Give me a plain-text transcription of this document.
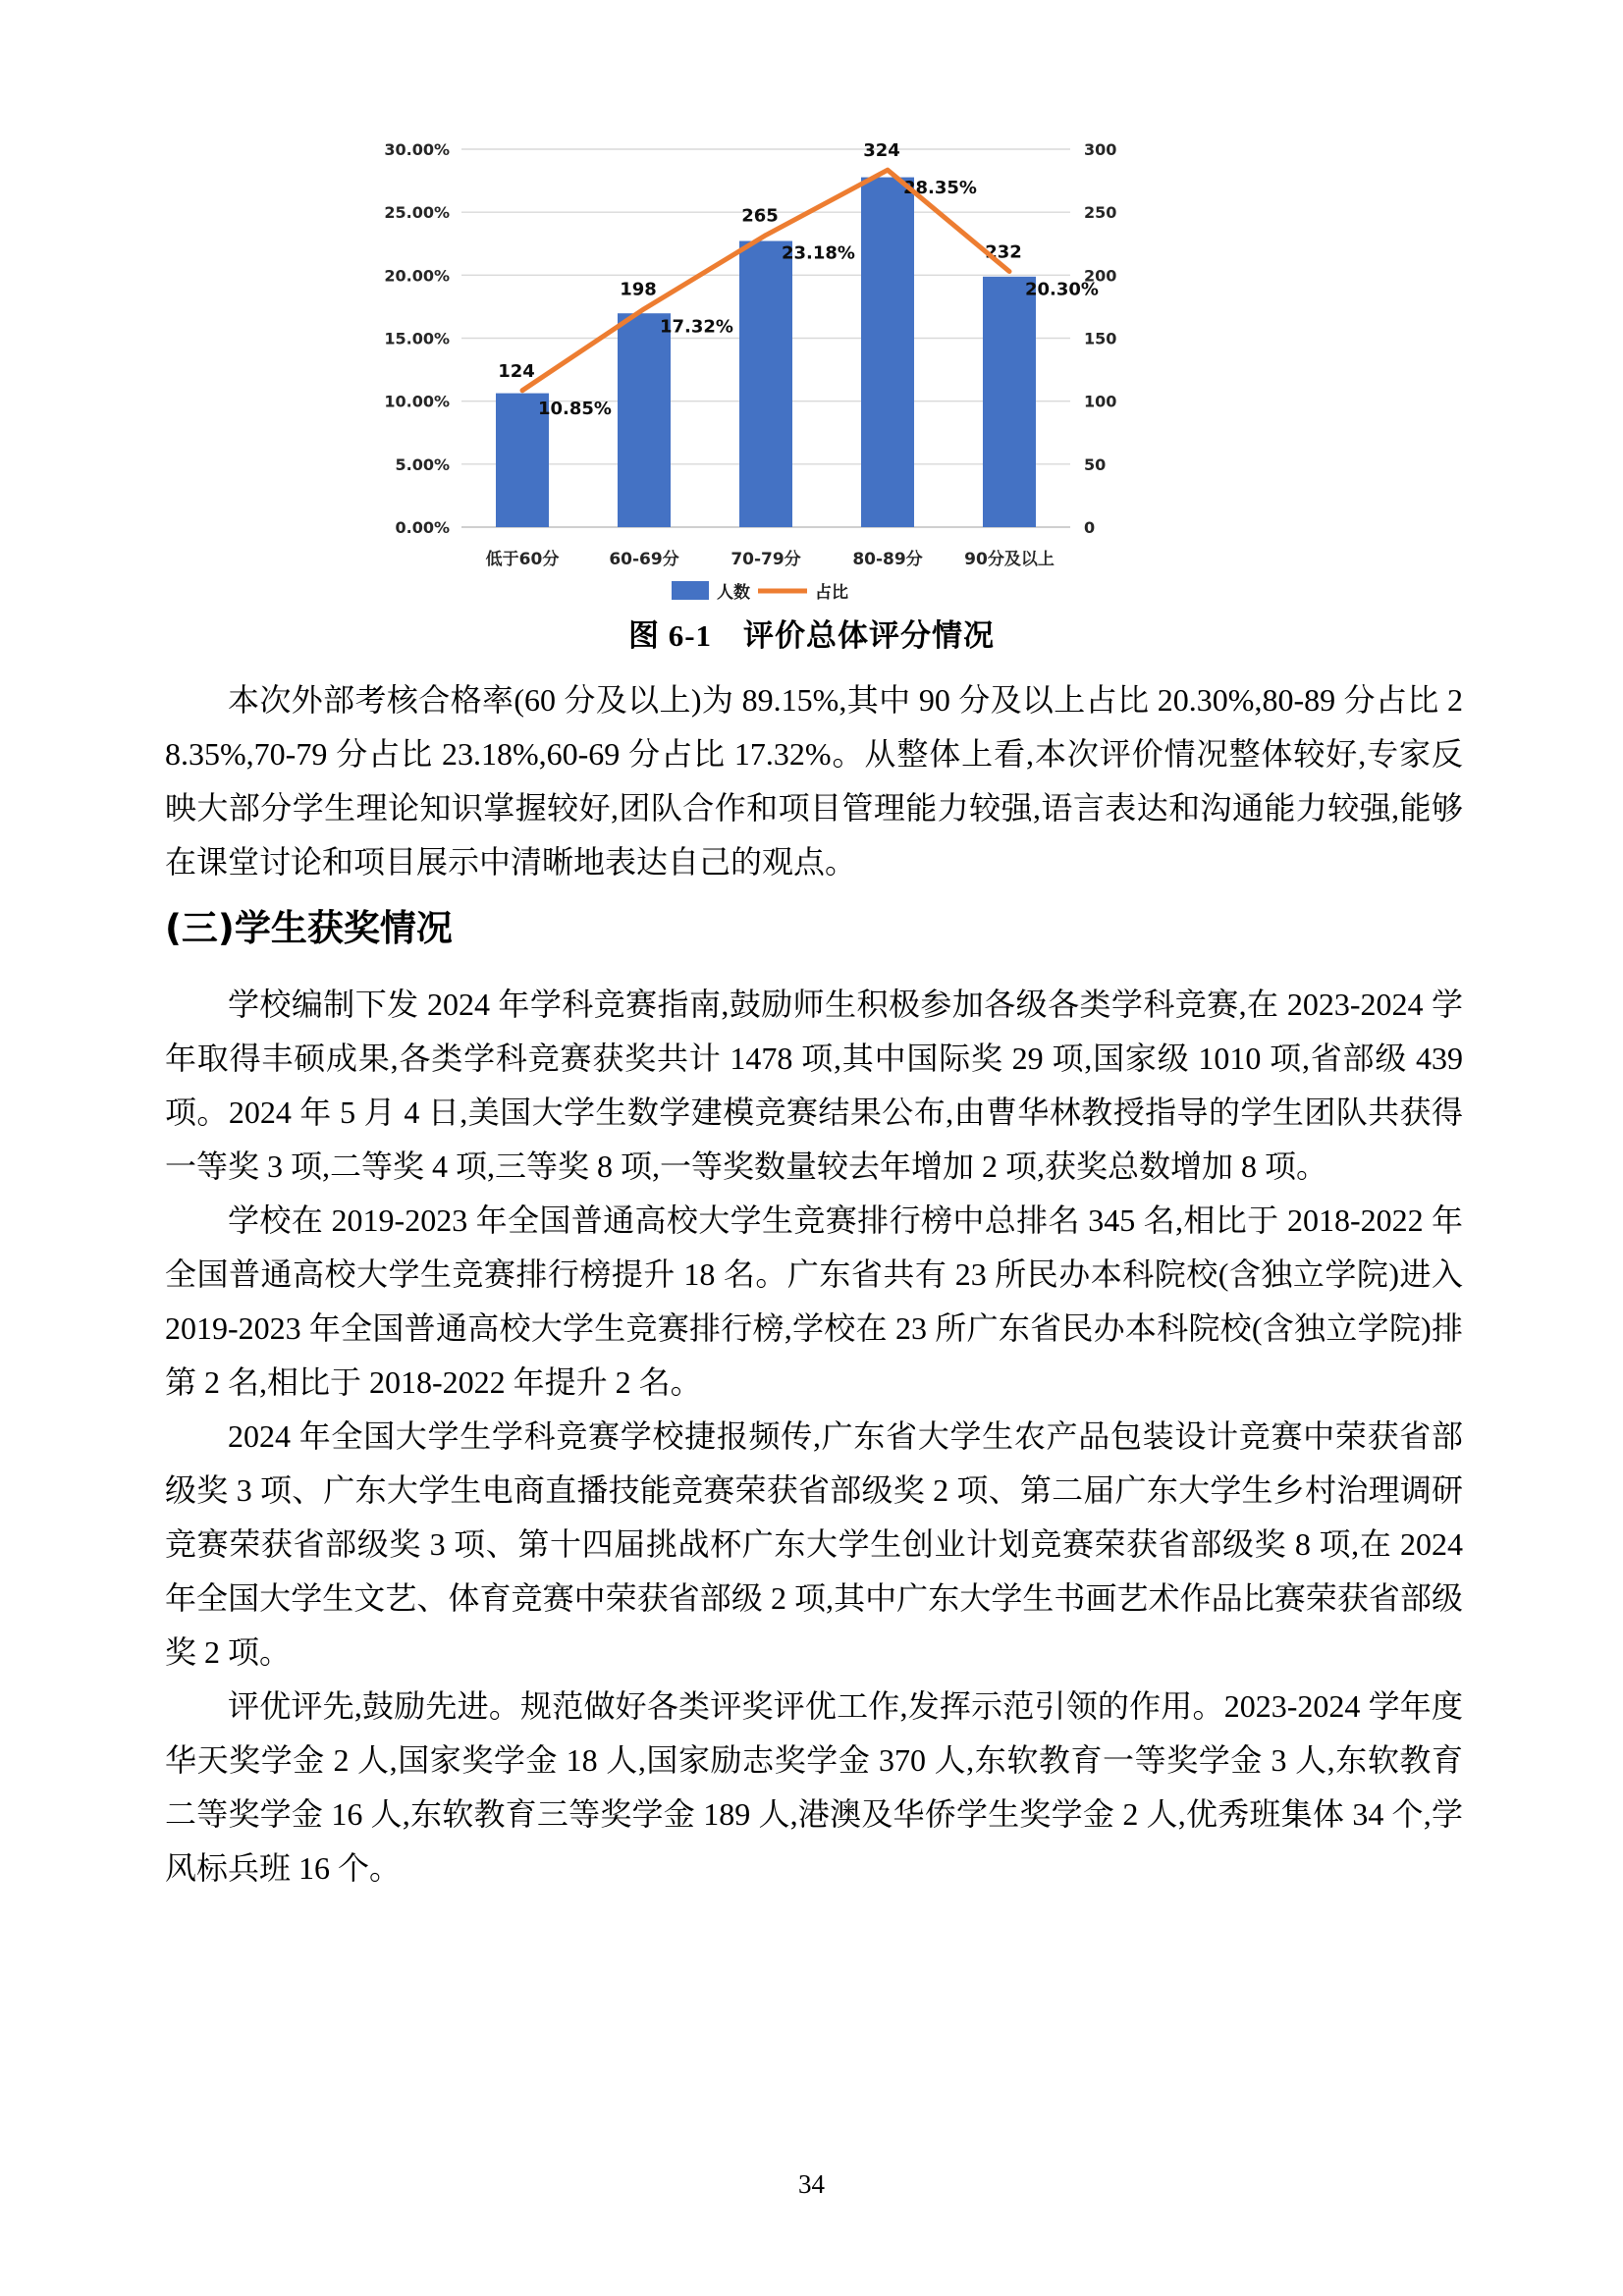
0.00%	0
5.00%	50
10.00%	100
15.00%	150
20.00%	200
25.00%	250
30.00%	300
124
10.85%
低于60分
198
17.32%
60-69分
265
23.18%
70-79分
324
28.35%
80-89分
232
20.30%
90分及以上
人数	占比
图 6-1　评价总体评分情况

本次外部考核合格率(60 分及以上)为 89.15%,其中 90 分及以上占比 20.30%,80-89 分占比 28.35%,70-79 分占比 23.18%,60-69 分占比 17.32%。从整体上看,本次评价情况整体较好,专家反映大部分学生理论知识掌握较好,团队合作和项目管理能力较强,语言表达和沟通能力较强,能够在课堂讨论和项目展示中清晰地表达自己的观点。

(三)学生获奖情况

学校编制下发 2024 年学科竞赛指南,鼓励师生积极参加各级各类学科竞赛,在 2023-2024 学年取得丰硕成果,各类学科竞赛获奖共计 1478 项,其中国际奖 29 项,国家级 1010 项,省部级 439 项。2024 年 5 月 4 日,美国大学生数学建模竞赛结果公布,由曹华林教授指导的学生团队共获得一等奖 3 项,二等奖 4 项,三等奖 8 项,一等奖数量较去年增加 2 项,获奖总数增加 8 项。

学校在 2019-2023 年全国普通高校大学生竞赛排行榜中总排名 345 名,相比于 2018-2022 年全国普通高校大学生竞赛排行榜提升 18 名。广东省共有 23 所民办本科院校(含独立学院)进入 2019-2023 年全国普通高校大学生竞赛排行榜,学校在 23 所广东省民办本科院校(含独立学院)排第 2 名,相比于 2018-2022 年提升 2 名。

2024 年全国大学生学科竞赛学校捷报频传,广东省大学生农产品包装设计竞赛中荣获省部级奖 3 项、广东大学生电商直播技能竞赛荣获省部级奖 2 项、第二届广东大学生乡村治理调研竞赛荣获省部级奖 3 项、第十四届挑战杯广东大学生创业计划竞赛荣获省部级奖 8 项,在 2024 年全国大学生文艺、体育竞赛中荣获省部级 2 项,其中广东大学生书画艺术作品比赛荣获省部级奖 2 项。

评优评先,鼓励先进。规范做好各类评奖评优工作,发挥示范引领的作用。2023-2024 学年度华天奖学金 2 人,国家奖学金 18 人,国家励志奖学金 370 人,东软教育一等奖学金 3 人,东软教育二等奖学金 16 人,东软教育三等奖学金 189 人,港澳及华侨学生奖学金 2 人,优秀班集体 34 个,学风标兵班 16 个。

34
